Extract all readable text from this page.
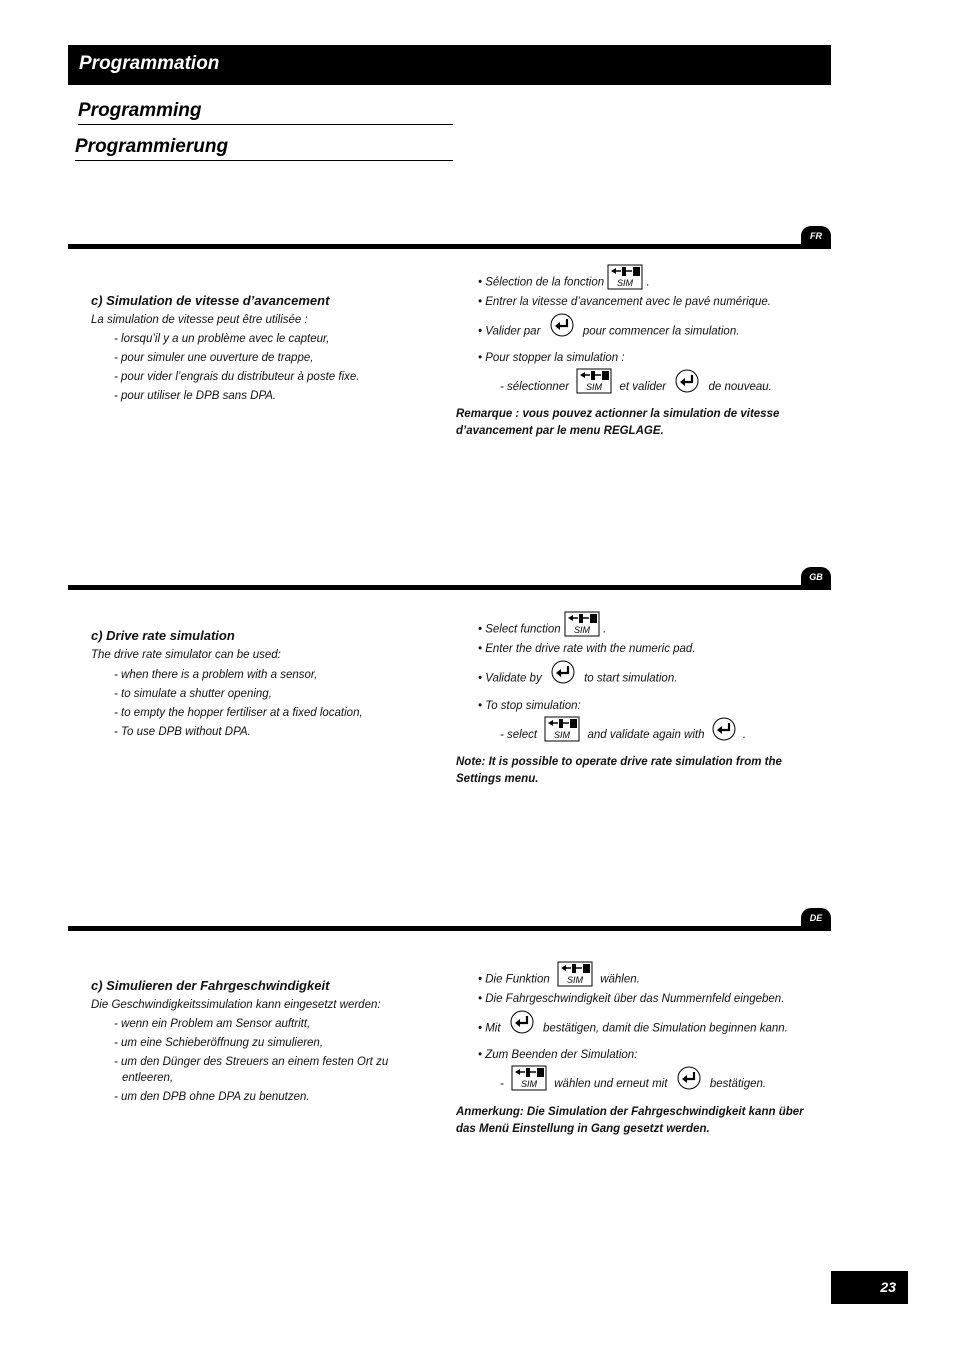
Programmation
Programming
Programmierung
FR
c) Simulation de vitesse d’avancement
La simulation de vitesse peut être utilisée :
- lorsqu’il y a un problème avec le capteur,
- pour simuler une ouverture de trappe,
- pour vider l’engrais du distributeur à poste fixe.
- pour utiliser le DPB sans DPA.
• Sélection de la fonction SIM .
• Entrer la vitesse d’avancement avec le pavé numérique.
• Valider par	pour commencer la simulation.
• Pour stopper la simulation :
- sélectionner SIM et valider	de nouveau.
Remarque : vous pouvez actionner la simulation de vitesse d’avancement par le menu REGLAGE.
GB
c) Drive rate simulation
The drive rate simulator can be used:
- when there is a problem with a sensor,
- to simulate a shutter opening,
- to empty the hopper fertiliser at a fixed location,
- To use DPB without DPA.
• Select function SIM .
• Enter the drive rate with the numeric pad.
• Validate by	to start simulation.
• To stop simulation:
- select SIM and validate again with	.
Note: It is possible to operate drive rate simulation from the Settings menu.
DE
c) Simulieren der Fahrgeschwindigkeit
Die Geschwindigkeitssimulation kann eingesetzt werden:
- wenn ein Problem am Sensor auftritt,
- um eine Schieberöffnung zu simulieren,
- um den Dünger des Streuers an einem festen Ort zu entleeren,
- um den DPB ohne DPA zu benutzen.
• Die Funktion SIM wählen.
• Die Fahrgeschwindigkeit über das Nummernfeld eingeben.
• Mit	bestätigen, damit die Simulation beginnen kann.
• Zum Beenden der Simulation:
- SIM wählen und erneut mit	bestätigen.
Anmerkung: Die Simulation der Fahrgeschwindigkeit kann über das Menü Einstellung in Gang gesetzt werden.
23
